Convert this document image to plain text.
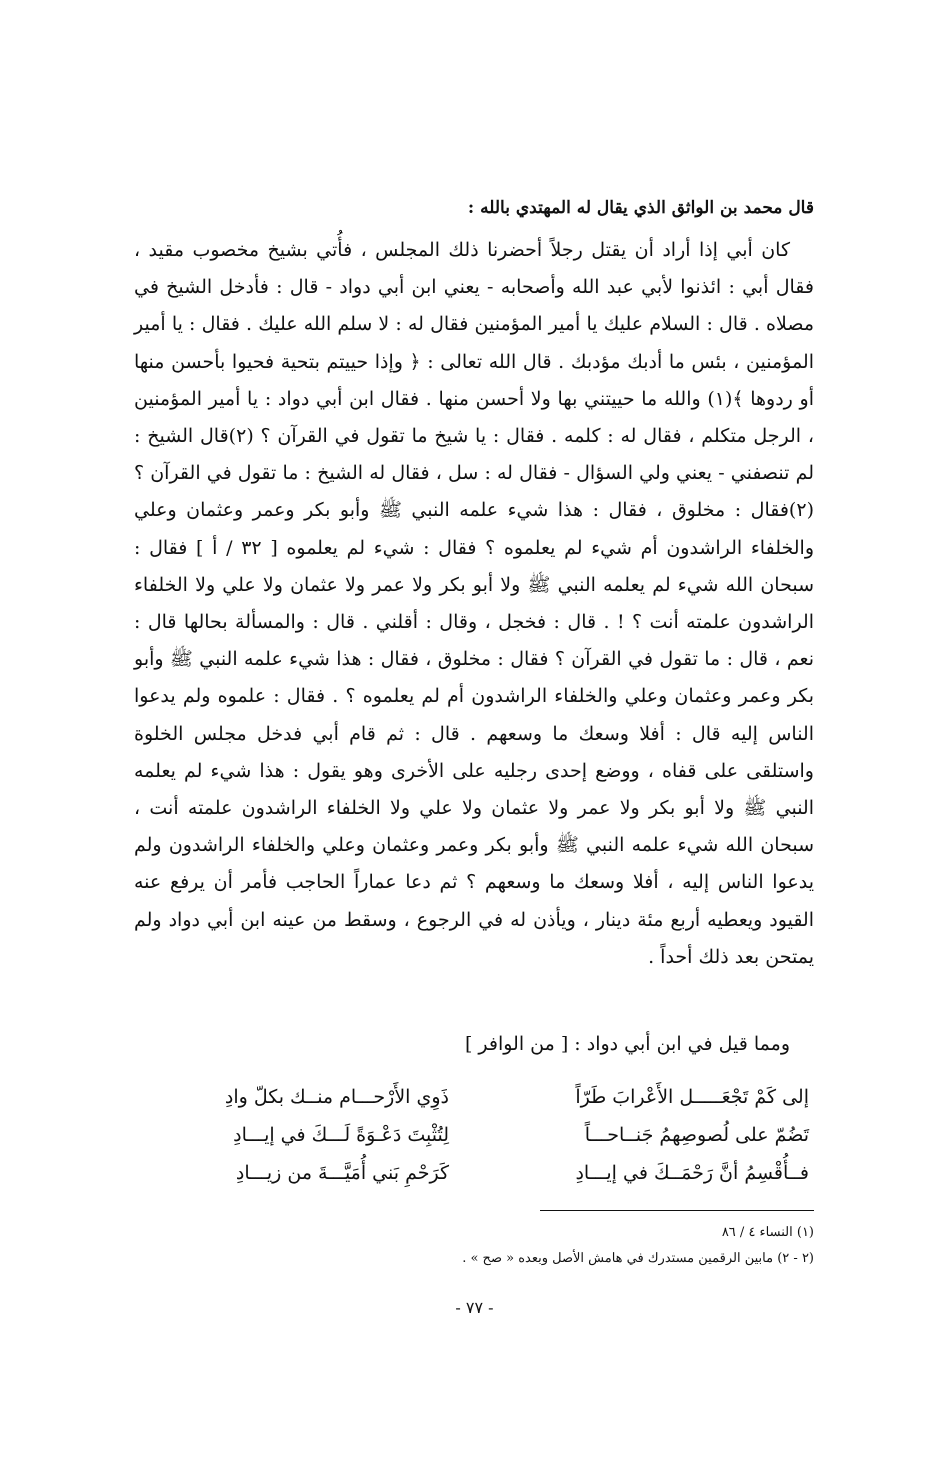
قال محمد بن الواثق الذي يقال له المهتدي بالله :

كان أبي إذا أراد أن يقتل رجلاً أحضرنا ذلك المجلس ، فأُتي بشيخ مخصوب مقيد ، فقال أبي : ائذنوا لأبي عبد الله وأصحابه - يعني ابن أبي دواد - قال : فأدخل الشيخ في مصلاه . قال : السلام عليك يا أمير المؤمنين فقال له : لا سلم الله عليك . فقال : يا أمير المؤمنين ، بئس ما أدبك مؤدبك . قال الله تعالى : ﴿ وإذا حييتم بتحية فحيوا بأحسن منها أو ردوها ﴾(١) والله ما حييتني بها ولا أحسن منها . فقال ابن أبي دواد : يا أمير المؤمنين ، الرجل متكلم ، فقال له : كلمه . فقال : يا شيخ ما تقول في القرآن ؟ (٢)قال الشيخ : لم تنصفني - يعني ولي السؤال - فقال له : سل ، فقال له الشيخ : ما تقول في القرآن ؟ (٢)فقال : مخلوق ، فقال : هذا شيء علمه النبي ﷺ وأبو بكر وعمر وعثمان وعلي والخلفاء الراشدون أم شيء لم يعلموه ؟ فقال : شيء لم يعلموه [ ٣٢ / أ ] فقال : سبحان الله شيء لم يعلمه النبي ﷺ ولا أبو بكر ولا عمر ولا عثمان ولا علي ولا الخلفاء الراشدون علمته أنت ؟ ! . قال : فخجل ، وقال : أقلني . قال : والمسألة بحالها قال : نعم ، قال : ما تقول في القرآن ؟ فقال : مخلوق ، فقال : هذا شيء علمه النبي ﷺ وأبو بكر وعمر وعثمان وعلي والخلفاء الراشدون أم لم يعلموه ؟ . فقال : علموه ولم يدعوا الناس إليه قال : أفلا وسعك ما وسعهم . قال : ثم قام أبي فدخل مجلس الخلوة واستلقى على قفاه ، ووضع إحدى رجليه على الأخرى وهو يقول : هذا شيء لم يعلمه النبي ﷺ ولا أبو بكر ولا عمر ولا عثمان ولا علي ولا الخلفاء الراشدون علمته أنت ، سبحان الله شيء علمه النبي ﷺ وأبو بكر وعمر وعثمان وعلي والخلفاء الراشدون ولم يدعوا الناس إليه ، أفلا وسعك ما وسعهم ؟ ثم دعا عماراً الحاجب فأمر أن يرفع عنه القيود ويعطيه أربع مئة دينار ، ويأذن له في الرجوع ، وسقط من عينه ابن أبي دواد ولم يمتحن بعد ذلك أحداً .

ومما قيل في ابن أبي دواد : [ من الوافر ]

إلى كَمْ تَجْعَـــــل الأَعْرابَ طَرّاً
ذَوِي الأَرْحـــام منــك بكلّ وادِ
تَضُمّ على لُصوصِهمُ جَنــاحـــاً
لِتُثْبِتَ دَعْـوَةً لَـــكَ في إيـــادِ
فــأُقْسِمُ أنَّ رَحْمَــكَ في إيـــادِ
كَرَحْمِ بَني أُمَيَّـــةَ من زيـــادِ
(١) النساء ٤ / ٨٦
(٢ - ٢) مابين الرقمين مستدرك في هامش الأصل وبعده « صح » .
- ٧٧ -
